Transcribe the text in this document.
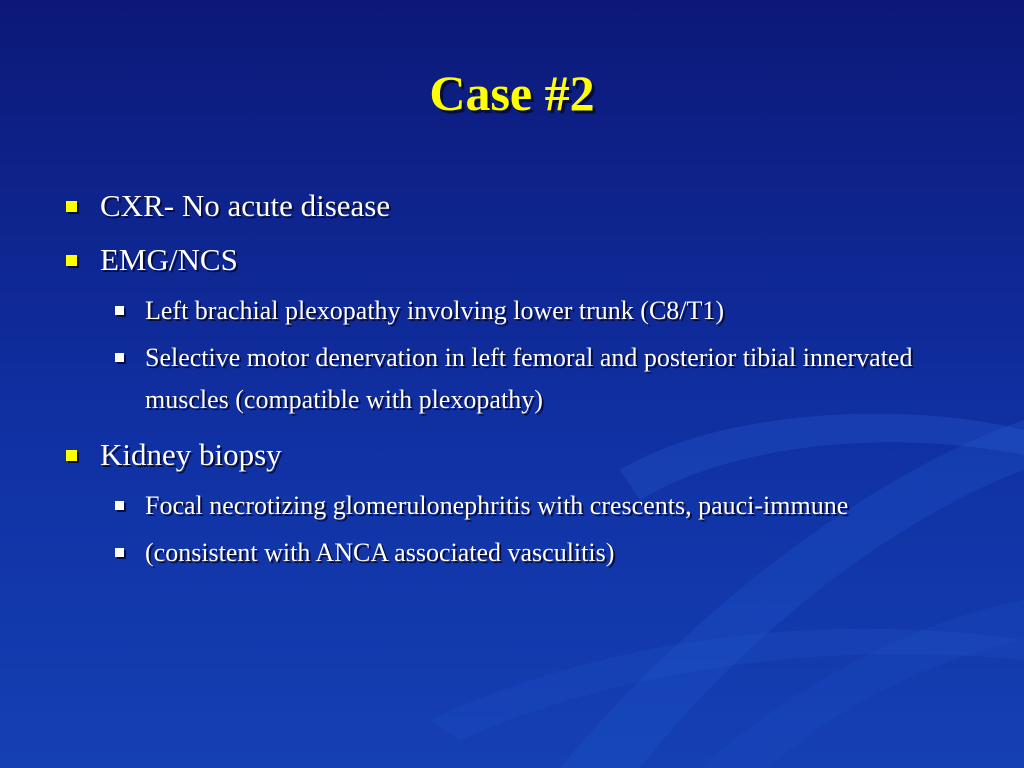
Case #2
CXR- No acute disease
EMG/NCS
Left brachial plexopathy involving lower trunk (C8/T1)
Selective motor denervation in left femoral and posterior tibial innervated muscles (compatible with plexopathy)
Kidney biopsy
Focal necrotizing glomerulonephritis with crescents, pauci-immune
(consistent with ANCA associated vasculitis)
